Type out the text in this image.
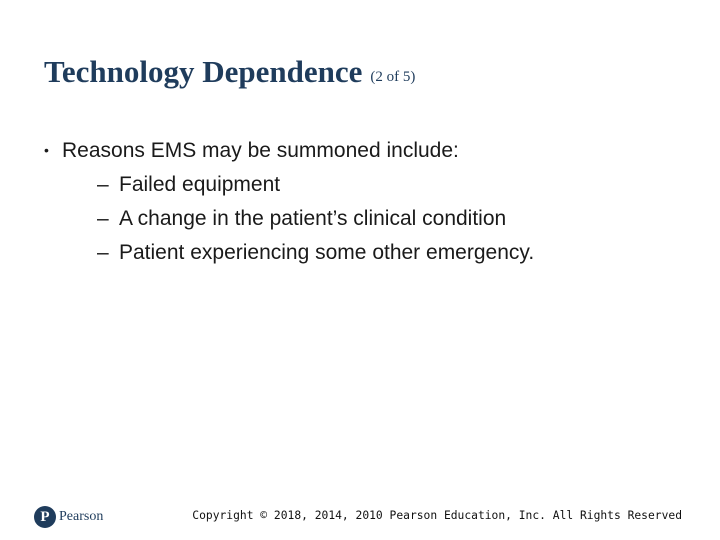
Technology Dependence (2 of 5)
• Reasons EMS may be summoned include:
– Failed equipment
– A change in the patient’s clinical condition
– Patient experiencing some other emergency.
P Pearson	Copyright © 2018, 2014, 2010 Pearson Education, Inc. All Rights Reserved
